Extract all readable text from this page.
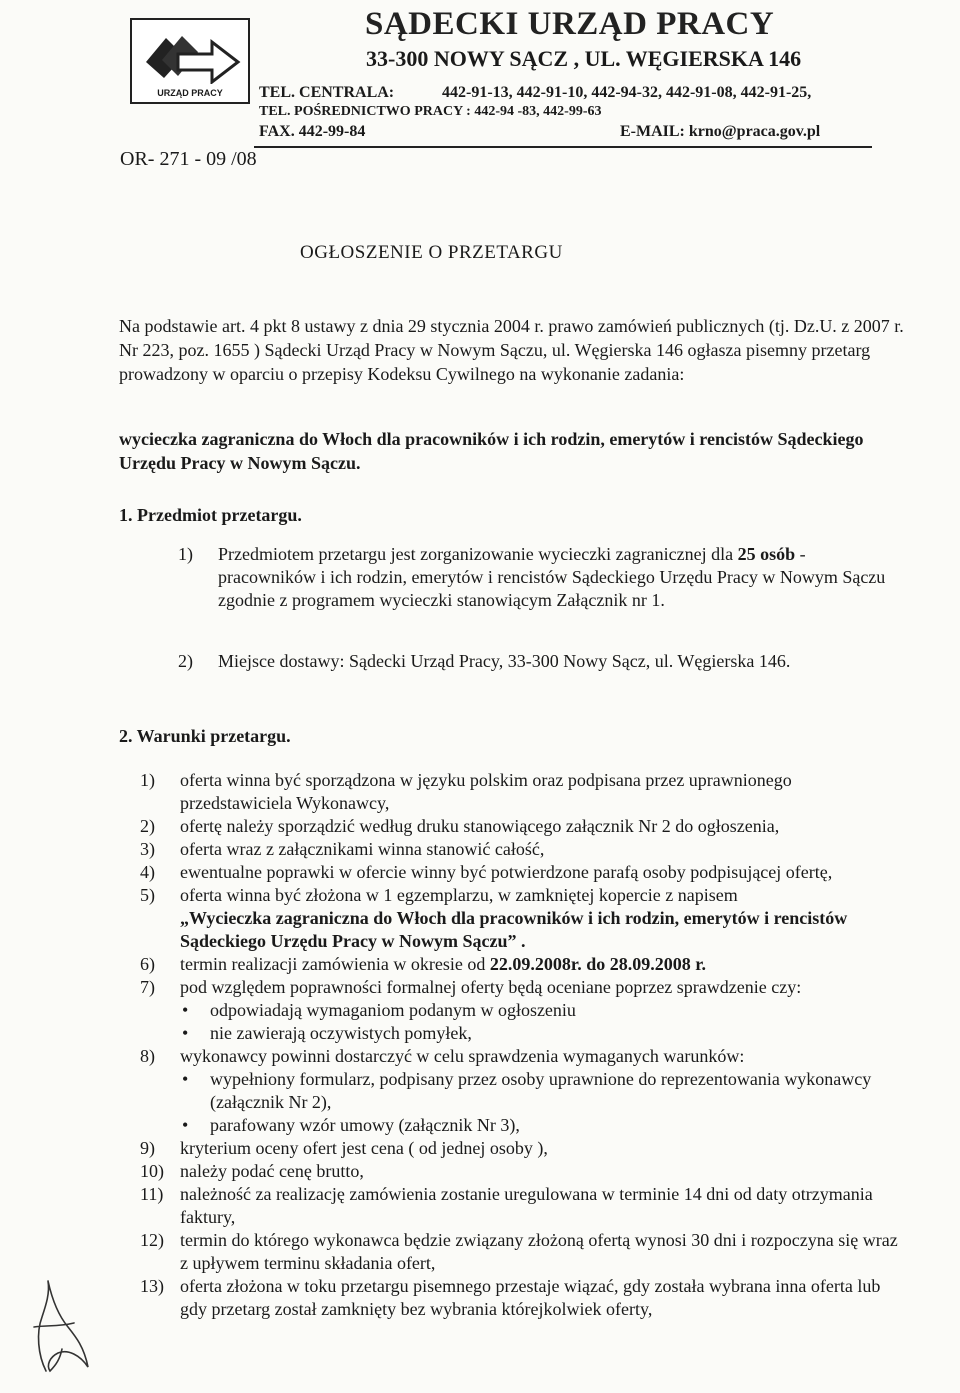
URZĄD PRACY
SĄDECKI URZĄD PRACY
33-300 NOWY SĄCZ , UL. WĘGIERSKA 146
TEL. CENTRALA:	442-91-13, 442-91-10, 442-94-32, 442-91-08, 442-91-25,
TEL. POŚREDNICTWO PRACY : 442-94 -83, 442-99-63
FAX. 442-99-84	E-MAIL: krno@praca.gov.pl
OR- 271 - 09 /08
OGŁOSZENIE O PRZETARGU
Na podstawie art. 4 pkt 8 ustawy z dnia 29 stycznia 2004 r. prawo zamówień publicznych (tj. Dz.U. z 2007 r. Nr 223, poz. 1655 ) Sądecki Urząd Pracy w Nowym Sączu, ul. Węgierska 146 ogłasza pisemny przetarg prowadzony w oparciu o przepisy Kodeksu Cywilnego na wykonanie zadania:
wycieczka zagraniczna do Włoch dla pracowników i ich rodzin, emerytów i rencistów Sądeckiego Urzędu Pracy w Nowym Sączu.
1. Przedmiot przetargu.
1) Przedmiotem przetargu jest zorganizowanie wycieczki zagranicznej dla 25 osób - pracowników i ich rodzin, emerytów i rencistów Sądeckiego Urzędu Pracy w Nowym Sączu zgodnie z programem wycieczki stanowiącym Załącznik nr 1.
2) Miejsce dostawy: Sądecki Urząd Pracy, 33-300 Nowy Sącz, ul. Węgierska 146.
2. Warunki przetargu.
1) oferta winna być sporządzona w języku polskim oraz podpisana przez uprawnionego przedstawiciela Wykonawcy,
2) ofertę należy sporządzić według druku stanowiącego załącznik Nr 2 do ogłoszenia,
3) oferta wraz z załącznikami winna stanowić całość,
4) ewentualne poprawki w ofercie winny być potwierdzone parafą osoby podpisującej ofertę,
5) oferta winna być złożona w 1 egzemplarzu, w zamkniętej kopercie z napisem
„Wycieczka zagraniczna do Włoch dla pracowników i ich rodzin, emerytów i rencistów Sądeckiego Urzędu Pracy w Nowym Sączu” .
6) termin realizacji zamówienia w okresie od 22.09.2008r. do 28.09.2008 r.
7) pod względem poprawności formalnej oferty będą oceniane poprzez sprawdzenie czy:
• odpowiadają wymaganiom podanym w ogłoszeniu
• nie zawierają oczywistych pomyłek,
8) wykonawcy powinni dostarczyć w celu sprawdzenia wymaganych warunków:
• wypełniony formularz, podpisany przez osoby uprawnione do reprezentowania wykonawcy (załącznik Nr 2),
• parafowany wzór umowy (załącznik Nr 3),
9) kryterium oceny ofert jest cena ( od jednej osoby ),
10) należy podać cenę brutto,
11) należność za realizację zamówienia zostanie uregulowana w terminie 14 dni od daty otrzymania faktury,
12) termin do którego wykonawca będzie związany złożoną ofertą wynosi 30 dni i rozpoczyna się wraz z upływem terminu składania ofert,
13) oferta złożona w toku przetargu pisemnego przestaje wiązać, gdy została wybrana inna oferta lub gdy przetarg został zamknięty bez wybrania którejkolwiek oferty,
